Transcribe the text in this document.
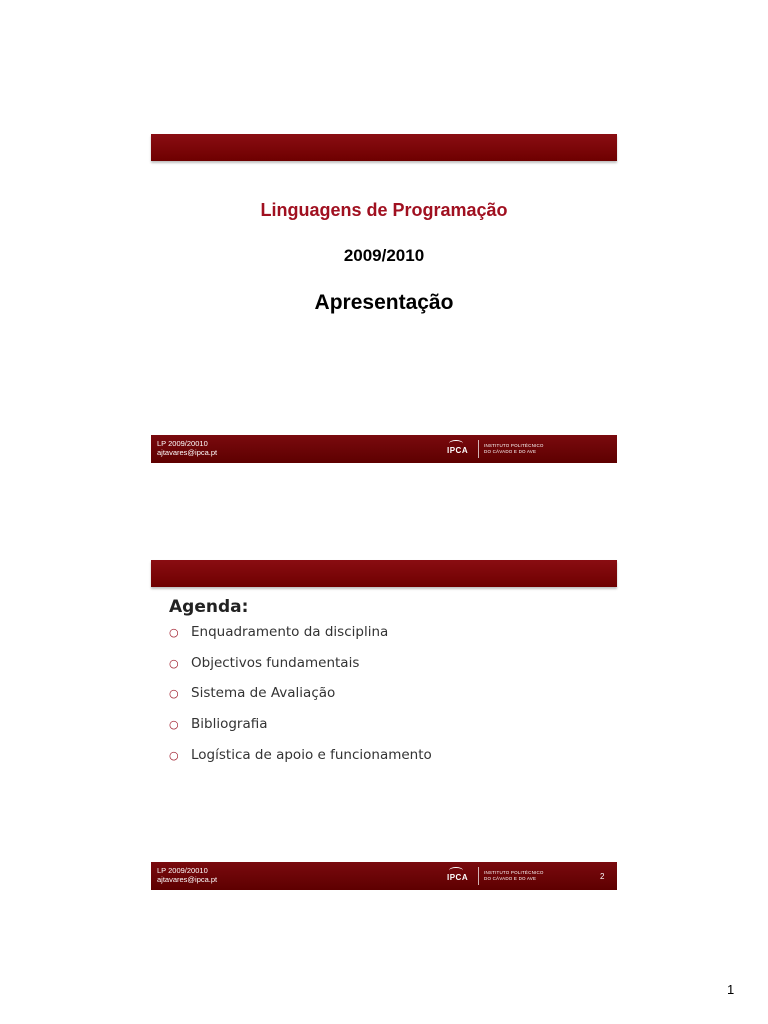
Linguagens de Programação
2009/2010
Apresentação
LP 2009/20010
ajtavares@ipca.pt	IPCA
INSTITUTO POLITÉCNICO
DO CÁVADO E DO AVE
Agenda:
○ Enquadramento da disciplina
○ Objectivos fundamentais
○ Sistema de Avaliação
○ Bibliografia
○ Logística de apoio e funcionamento
LP 2009/20010
ajtavares@ipca.pt	IPCA
INSTITUTO POLITÉCNICO
DO CÁVADO E DO AVE	2
1
